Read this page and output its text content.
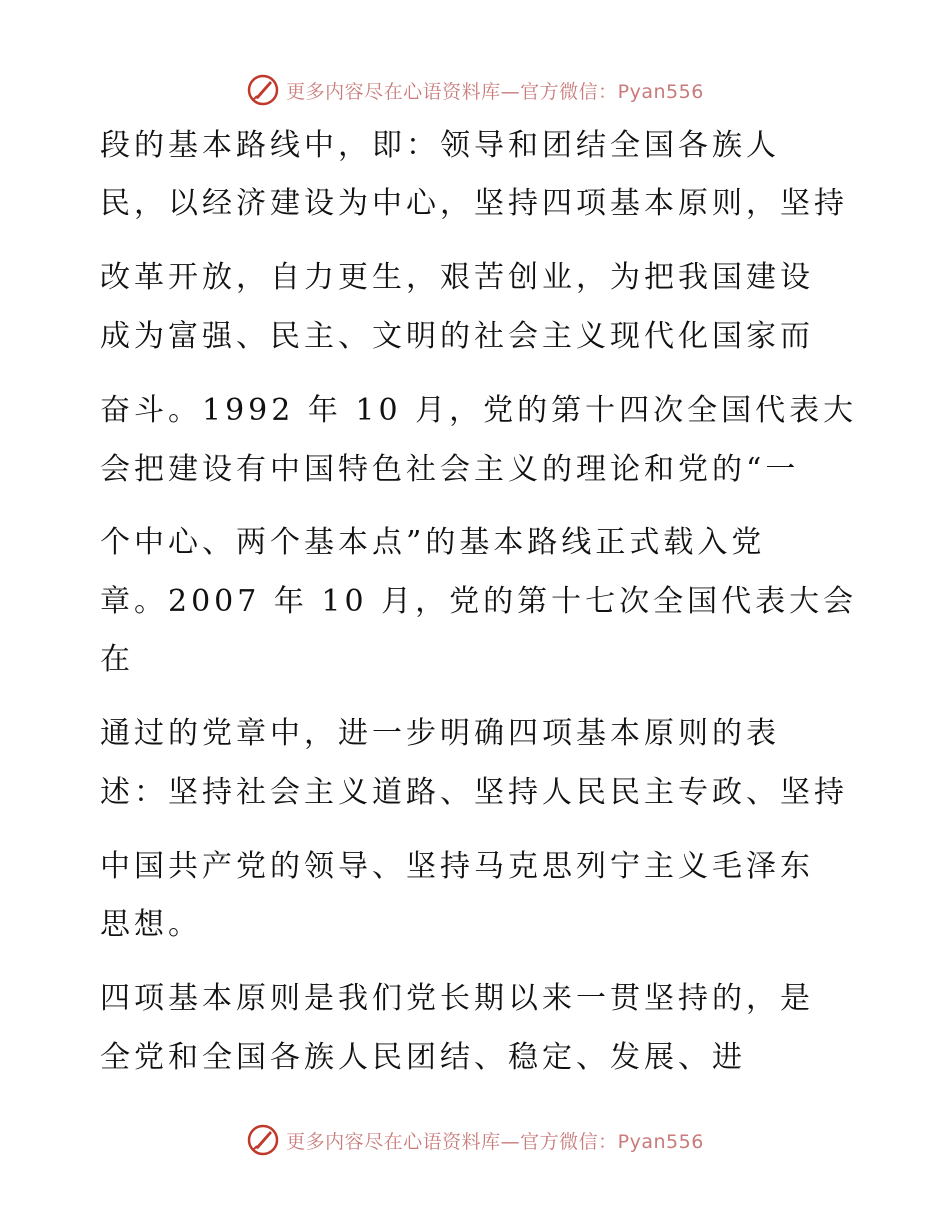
更多内容尽在心语资料库—官方微信：Pyan556
段的基本路线中，即：领导和团结全国各族人
民，以经济建设为中心，坚持四项基本原则，坚持
改革开放，自力更生，艰苦创业，为把我国建设
成为富强、民主、文明的社会主义现代化国家而
奋斗。1992 年 10 月，党的第十四次全国代表大
会把建设有中国特色社会主义的理论和党的“一
个中心、两个基本点”的基本路线正式载入党
章。2007 年 10 月，党的第十七次全国代表大会
在
通过的党章中，进一步明确四项基本原则的表
述：坚持社会主义道路、坚持人民民主专政、坚持
中国共产党的领导、坚持马克思列宁主义毛泽东
思想。
四项基本原则是我们党长期以来一贯坚持的，是
全党和全国各族人民团结、稳定、发展、进
更多内容尽在心语资料库—官方微信：Pyan556
